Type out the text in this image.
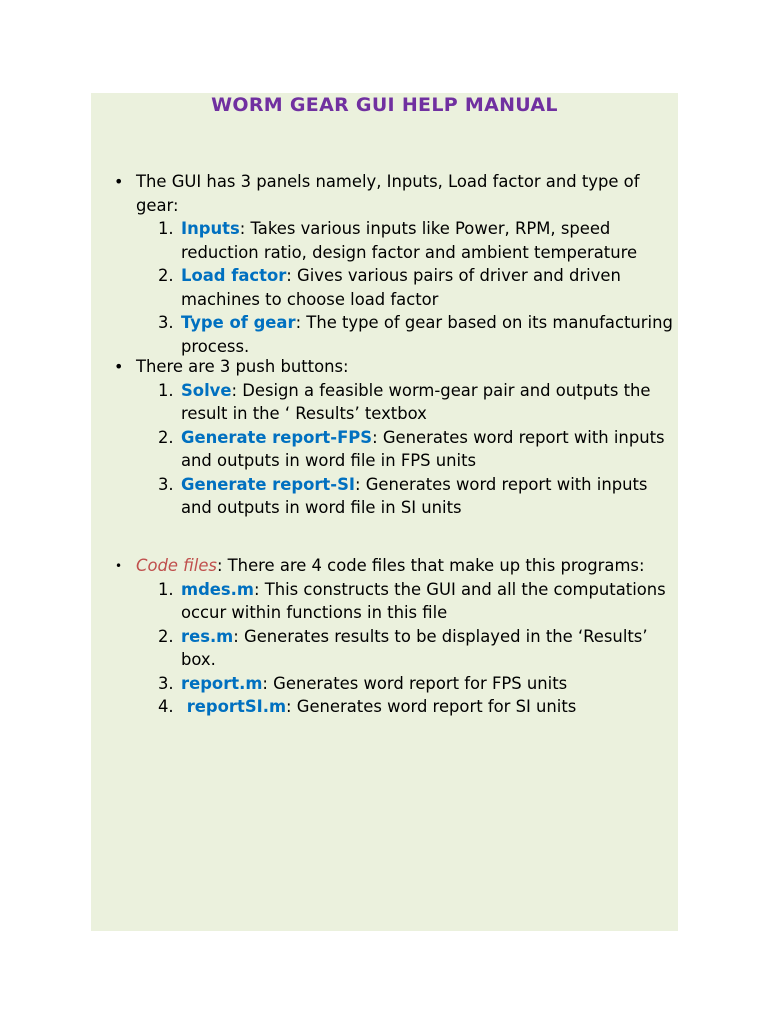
WORM GEAR GUI HELP MANUAL
• The GUI has 3 panels namely, Inputs, Load factor and type of gear:
1. Inputs: Takes various inputs like Power, RPM, speed reduction ratio, design factor and ambient temperature
2. Load factor: Gives various pairs of driver and driven machines to choose load factor
3. Type of gear: The type of gear based on its manufacturing process.
• There are 3 push buttons:
1. Solve: Design a feasible worm-gear pair and outputs the result in the ‘ Results’ textbox
2. Generate report-FPS: Generates word report with inputs and outputs in word file in FPS units
3. Generate report-SI: Generates word report with inputs and outputs in word file in SI units
• Code files: There are 4 code files that make up this programs:
1. mdes.m: This constructs the GUI and all the computations occur within functions in this file
2. res.m: Generates results to be displayed in the ‘Results’ box.
3. report.m: Generates word report for FPS units
4. reportSI.m: Generates word report for SI units
